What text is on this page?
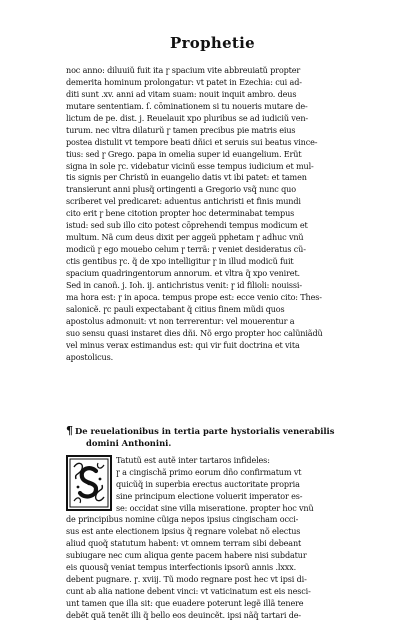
Prophetie
noc anno: diluuiŭ fuit ita ɼ spacium vite abbreuiatŭ propter
demerita hominum prolongatur: vt patet in Ezechia: cui ad-
diti sunt .xv. anni ad vitam suam: nouit inquit ambro. deus
mutare sententiam. ſ. cōminationem si tu noueris mutare de-
lictum de pe. dist. j. Reuelauit xpo pluribus se ad iudiciŭ ven-
turum. nec vltra dilaturŭ ɼ tamen precibus pie matris eius
postea distulit vt tempore beati dñici et seruis sui beatus vince-
tius: sed ɼ Grego. papa in omelia super id euangelium. Erũt
signa in sole ɼc. videbatur vicinŭ esse tempus iudicium et mul-
tis signis per Christŭ in euangelio datis vt ibi patet: et tamen
transierunt anni plusq̃ ortingenti a Gregorio vsq̃ nunc quo
scriberet vel predicaret: aduentus antichristi et finis mundi
cito erit ɼ bene citotion propter hoc determinabat tempus
istud: sed sub illo cito potest cōprehendi tempus modicum et
multum. Nã cum deus dixit per aggeŭ pphetam ɼ adhuc vnŭ
modicŭ ɼ ego mouebo celum ɼ terrã: ɼ veniet desideratus cũ-
ctis gentibus ɼc. q̃ de xpo intelligitur ɼ in illud modicŭ fuit
spacium quadringentorum annorum. et vltra q̃ xpo veniret.
Sed in canoñ. j. Ioh. ij. antichristus venit: ɼ id filioli: nouissi-
ma hora est: ɼ in apoca. tempus prope est: ecce venio cito: Thes-
salonicẽ. ɼc pauli expectabant q̃ citius finem mũdi quos
apostolus admonuit: vt non terrerentur: vel mouerentur a
suo sensu quasi instaret dies dñi. Nõ ergo propter hoc calũniãdũ
vel minus verax estimandus est: qui vir fuit doctrina et vita
apostolicus.
¶ De reuelationibus in tertia parte hystorialis venerabilis
domini Anthonini.
Tatutũ est autẽ inter tartaros infideles:
ɼ a cingischã primo eorum dño confirmatum vt
quicũq̃ in superbia erectus auctoritate propria
sine principum electione voluerit imperator es-
se: occidat sine villa miseratione. propter hoc vnũ
de principibus nomine cũiga nepos ipsius cingischam occi-
sus est ante electionem ipsius q̃ regnare volebat nõ electus
aliud quoq̃ statutum habent: vt omnem terram sibi debeant
subiugare nec cum aliqua gente pacem habere nisi subdatur
eis quousq̃ veniat tempus interfectionis ipsorũ annis .lxxx.
debent pugnare. ɼ. xviij. Tũ modo regnare post hec vt ipsi di-
cunt ab alia natione debent vinci: vt vaticinatum est eis nesci-
unt tamen que illa sit: que euadere poterunt legẽ illã tenere
debẽt quã tenẽt illi q̃ bello eos deuincẽt. ipsi nãq̃ tartari de-
